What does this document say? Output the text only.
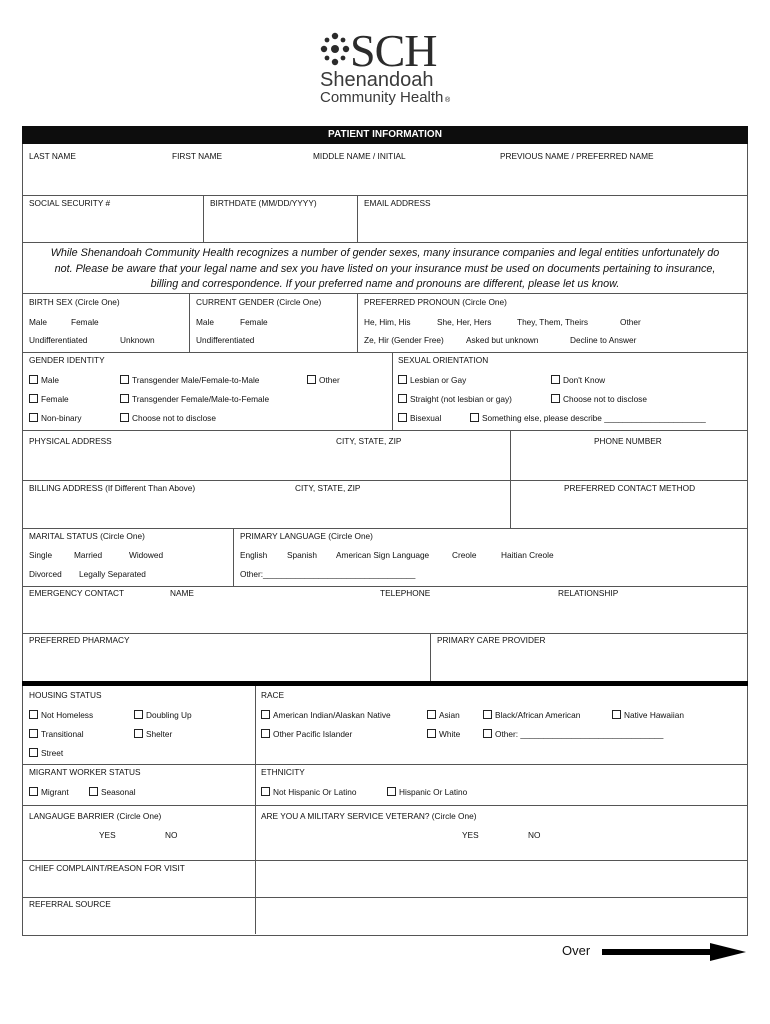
SCH
Shenandoah
Community Health ®
PATIENT INFORMATION
LAST NAME	FIRST NAME	MIDDLE NAME / INITIAL	PREVIOUS NAME / PREFERRED NAME
SOCIAL SECURITY #	BIRTHDATE (MM/DD/YYYY)	EMAIL ADDRESS
While Shenandoah Community Health recognizes a number of gender sexes, many insurance companies and legal entities unfortunately do
not. Please be aware that your legal name and sex you have listed on your insurance must be used on documents pertaining to insurance,
billing and correspondence. If your preferred name and pronouns are different, please let us know.
BIRTH SEX (Circle One)
Male	Female
Undifferentiated	Unknown
CURRENT GENDER (Circle One)
Male	Female
Undifferentiated
PREFERRED PRONOUN (Circle One)
He, Him, His	She, Her, Hers	They, Them, Theirs	Other
Ze, Hir (Gender Free)	Asked but unknown	Decline to Answer
GENDER IDENTITY
Male	Transgender Male/Female-to-Male	Other
Female	Transgender Female/Male-to-Female
Non-binary	Choose not to disclose
SEXUAL ORIENTATION
Lesbian or Gay	Don't Know
Straight (not lesbian or gay)	Choose not to disclose
Bisexual	Something else, please describe ______________________
PHYSICAL ADDRESS	CITY, STATE, ZIP	PHONE NUMBER
BILLING ADDRESS (If Different Than Above)	CITY, STATE, ZIP	PREFERRED CONTACT METHOD
MARITAL STATUS (Circle One)
Single	Married	Widowed
Divorced Legally Separated
PRIMARY LANGUAGE (Circle One)
English Spanish American Sign Language	Creole	Haitian Creole
Other:_________________________________
EMERGENCY CONTACT	NAME	TELEPHONE	RELATIONSHIP
PREFERRED PHARMACY	PRIMARY CARE PROVIDER
HOUSING STATUS
Not Homeless	Doubling Up
Transitional	Shelter
Street
RACE
American Indian/Alaskan Native	Asian	Black/African American	Native Hawaiian
Other Pacific Islander	White	Other: _______________________________
MIGRANT WORKER STATUS
Migrant	Seasonal
ETHNICITY
Not Hispanic Or Latino	Hispanic Or Latino
LANGAUGE BARRIER (Circle One)
YES	NO
ARE YOU A MILITARY SERVICE VETERAN? (Circle One)
YES	NO
CHIEF COMPLAINT/REASON FOR VISIT
REFERRAL SOURCE
Over
